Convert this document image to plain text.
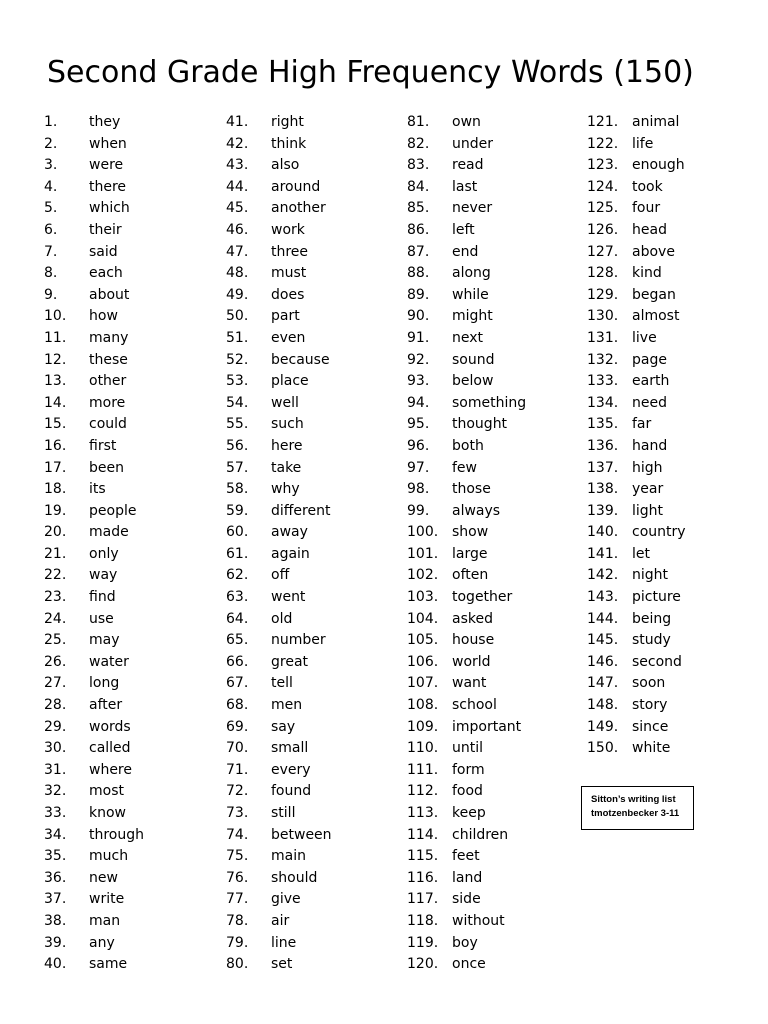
Second Grade High Frequency Words (150)
1.	they
2.	when
3.	were
4.	there
5.	which
6.	their
7.	said
8.	each
9.	about
10.	how
11.	many
12.	these
13.	other
14.	more
15.	could
16.	first
17.	been
18.	its
19.	people
20.	made
21.	only
22.	way
23.	find
24.	use
25.	may
26.	water
27.	long
28.	after
29.	words
30.	called
31.	where
32.	most
33.	know
34.	through
35.	much
36.	new
37.	write
38.	man
39.	any
40.	same
41.	right
42.	think
43.	also
44.	around
45.	another
46.	work
47.	three
48.	must
49.	does
50.	part
51.	even
52.	because
53.	place
54.	well
55.	such
56.	here
57.	take
58.	why
59.	different
60.	away
61.	again
62.	off
63.	went
64.	old
65.	number
66.	great
67.	tell
68.	men
69.	say
70.	small
71.	every
72.	found
73.	still
74.	between
75.	main
76.	should
77.	give
78.	air
79.	line
80.	set
81.	own
82.	under
83.	read
84.	last
85.	never
86.	left
87.	end
88.	along
89.	while
90.	might
91.	next
92.	sound
93.	below
94.	something
95.	thought
96.	both
97.	few
98.	those
99.	always
100. show
101. large
102. often
103. together
104. asked
105. house
106. world
107. want
108. school
109. important
110. until
111. form
112. food
113. keep
114. children
115. feet
116. land
117. side
118. without
119. boy
120. once
121. animal
122. life
123. enough
124. took
125. four
126. head
127. above
128. kind
129. began
130. almost
131. live
132. page
133. earth
134. need
135. far
136. hand
137. high
138. year
139. light
140. country
141. let
142. night
143. picture
144. being
145. study
146. second
147. soon
148. story
149. since
150. white
Sitton’s writing list
tmotzenbecker 3-11
